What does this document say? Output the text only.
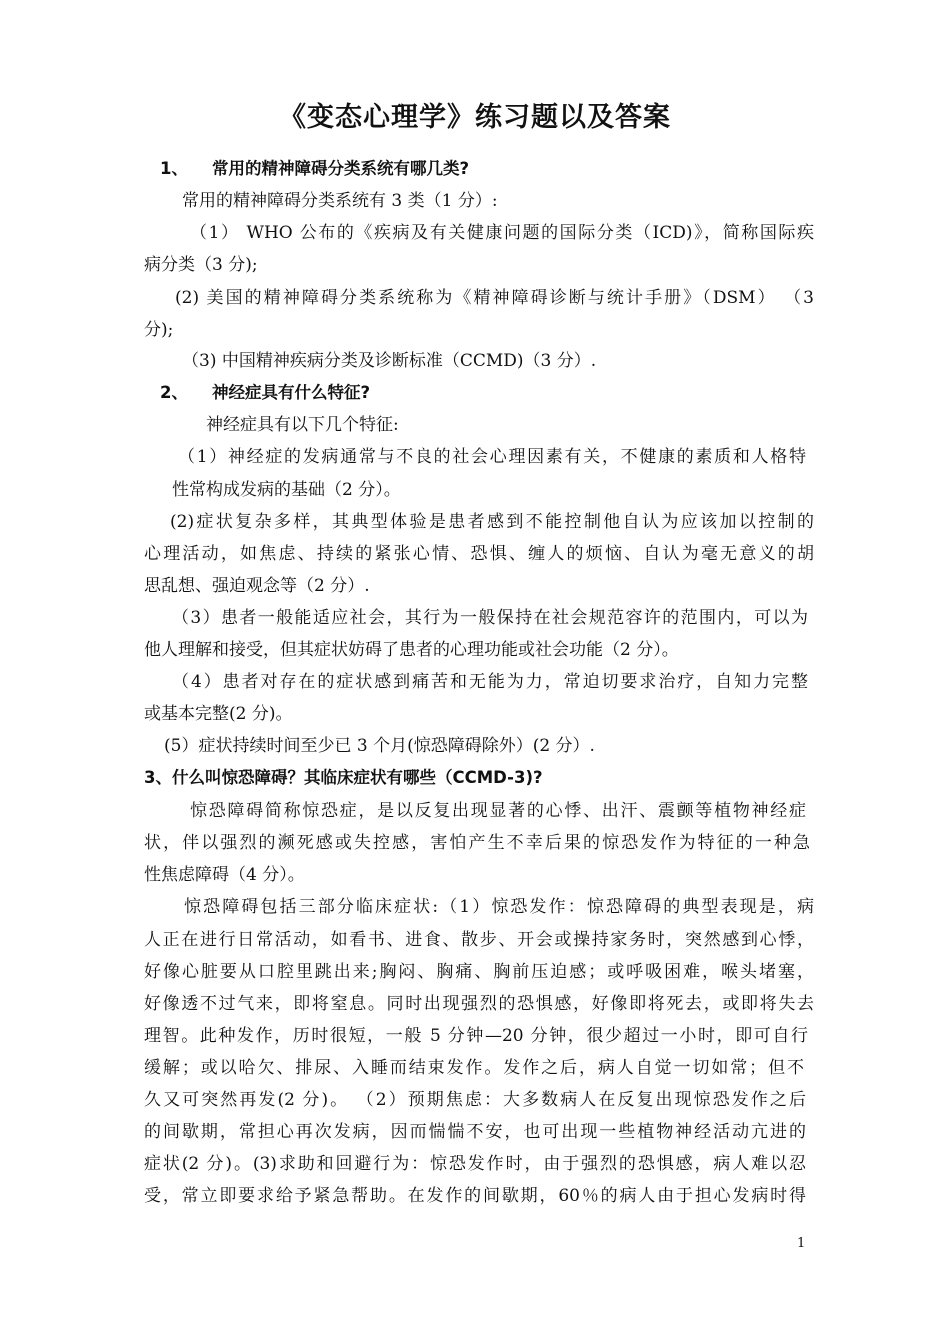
《变态心理学》练习题以及答案
1、 常用的精神障碍分类系统有哪几类?
常用的精神障碍分类系统有 3 类（1 分）:
（1） WHO 公布的《疾病及有关健康问题的国际分类（ICD)》，简称国际疾
病分类（3 分);
(2) 美国的精神障碍分类系统称为《精神障碍诊断与统计手册》（DSM） （3
分);
（3) 中国精神疾病分类及诊断标准（CCMD)（3 分）.
2、 神经症具有什么特征?
神经症具有以下几个特征:
（1）神经症的发病通常与不良的社会心理因素有关，不健康的素质和人格特
性常构成发病的基础（2 分）。
(2)症状复杂多样，其典型体验是患者感到不能控制他自认为应该加以控制的
心理活动，如焦虑、持续的紧张心情、恐惧、缠人的烦恼、自认为毫无意义的胡
思乱想、强迫观念等（2 分）.
（3）患者一般能适应社会，其行为一般保持在社会规范容许的范围内，可以为
他人理解和接受，但其症状妨碍了患者的心理功能或社会功能（2 分）。
（4）患者对存在的症状感到痛苦和无能为力，常迫切要求治疗，自知力完整
或基本完整(2 分)。
(5）症状持续时间至少已 3 个月(惊恐障碍除外）(2 分）.
3、什么叫惊恐障碍？其临床症状有哪些（CCMD-3)?
惊恐障碍简称惊恐症，是以反复出现显著的心悸、出汗、震颤等植物神经症
状，伴以强烈的濒死感或失控感，害怕产生不幸后果的惊恐发作为特征的一种急
性焦虑障碍（4 分）。
惊恐障碍包括三部分临床症状:（1）惊恐发作：惊恐障碍的典型表现是，病
人正在进行日常活动，如看书、进食、散步、开会或操持家务时，突然感到心悸，
好像心脏要从口腔里跳出来;胸闷、胸痛、胸前压迫感；或呼吸困难，喉头堵塞，
好像透不过气来，即将窒息。同时出现强烈的恐惧感，好像即将死去，或即将失去
理智。此种发作，历时很短，一般 5 分钟—20 分钟，很少超过一小时，即可自行
缓解；或以哈欠、排尿、入睡而结束发作。发作之后，病人自觉一切如常；但不
久又可突然再发(2 分)。 （2）预期焦虑：大多数病人在反复出现惊恐发作之后
的间歇期，常担心再次发病，因而惴惴不安，也可出现一些植物神经活动亢进的
症状(2 分)。(3)求助和回避行为：惊恐发作时，由于强烈的恐惧感，病人难以忍
受，常立即要求给予紧急帮助。在发作的间歇期，60％的病人由于担心发病时得
1
